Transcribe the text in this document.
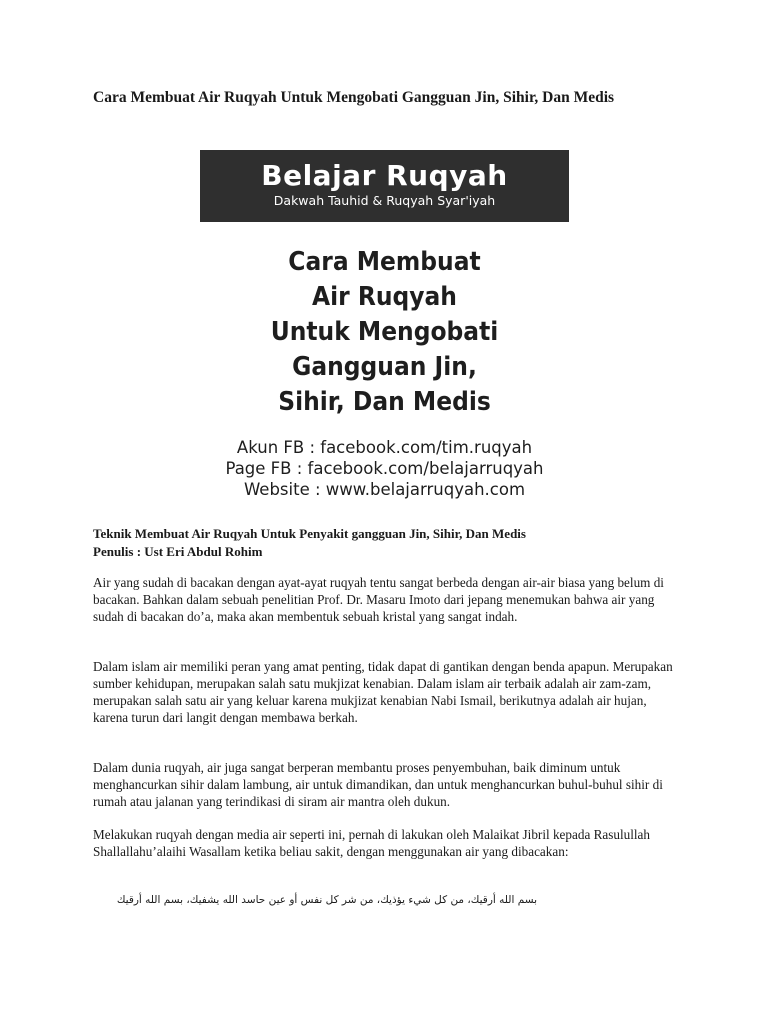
Cara Membuat Air Ruqyah Untuk Mengobati Gangguan Jin, Sihir, Dan Medis
Belajar Ruqyah
Dakwah Tauhid & Ruqyah Syar'iyah
Cara Membuat
Air Ruqyah
Untuk Mengobati
Gangguan Jin,
Sihir, Dan Medis
Akun FB : facebook.com/tim.ruqyah
Page FB : facebook.com/belajarruqyah
Website : www.belajarruqyah.com
Teknik Membuat Air Ruqyah Untuk Penyakit gangguan Jin, Sihir, Dan Medis
Penulis : Ust Eri Abdul Rohim

Air yang sudah di bacakan dengan ayat-ayat ruqyah tentu sangat berbeda dengan air-air biasa yang belum di bacakan. Bahkan dalam sebuah penelitian Prof. Dr. Masaru Imoto dari jepang menemukan bahwa air yang sudah di bacakan do’a, maka akan membentuk sebuah kristal yang sangat indah.

Dalam islam air memiliki peran yang amat penting, tidak dapat di gantikan dengan benda apapun. Merupakan sumber kehidupan, merupakan salah satu mukjizat kenabian. Dalam islam air terbaik adalah air zam-zam, merupakan salah satu air yang keluar karena mukjizat kenabian Nabi Ismail, berikutnya adalah air hujan, karena turun dari langit dengan membawa berkah.

Dalam dunia ruqyah, air juga sangat berperan membantu proses penyembuhan, baik diminum untuk menghancurkan sihir dalam lambung, air untuk dimandikan, dan untuk menghancurkan buhul-buhul sihir di rumah atau jalanan yang terindikasi di siram air mantra oleh dukun.

Melakukan ruqyah dengan media air seperti ini, pernah di lakukan oleh Malaikat Jibril kepada Rasulullah Shallallahu’alaihi Wasallam ketika beliau sakit, dengan menggunakan air yang dibacakan:

بسم الله أرقيك، من كل شيء يؤذيك، من شر كل نفس أو عين حاسد الله يشفيك، بسم الله أرقيك
